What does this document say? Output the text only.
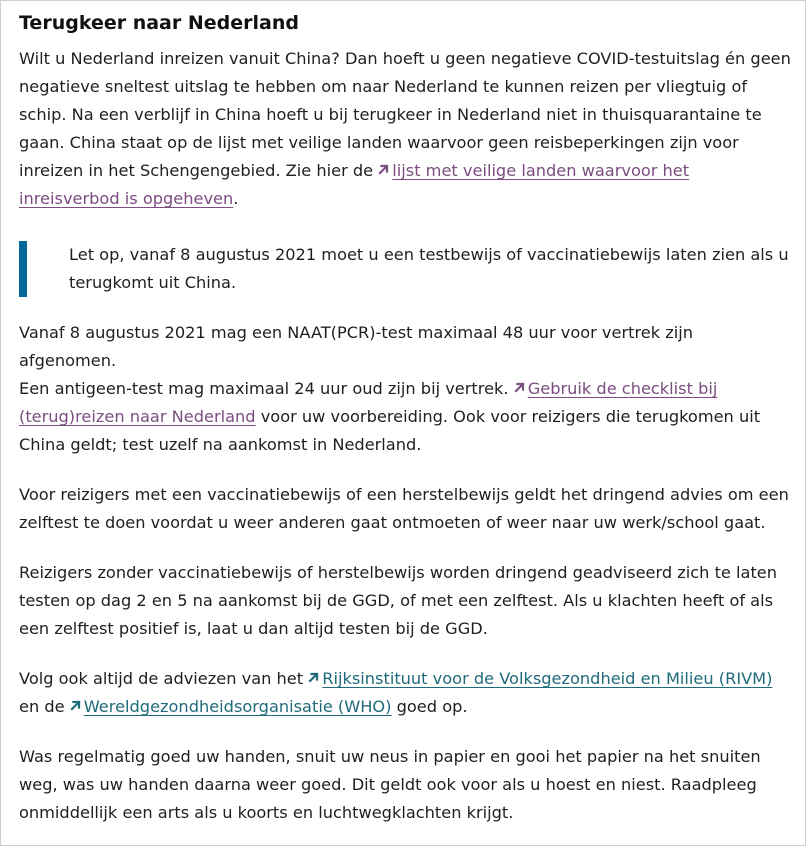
Terugkeer naar Nederland

Wilt u Nederland inreizen vanuit China? Dan hoeft u geen negatieve COVID-testuitslag én geen negatieve sneltest uitslag te hebben om naar Nederland te kunnen reizen per vliegtuig of schip. Na een verblijf in China hoeft u bij terugkeer in Nederland niet in thuisquarantaine te gaan. China staat op de lijst met veilige landen waarvoor geen reisbeperkingen zijn voor inreizen in het Schengengebied. Zie hier de
lijst met veilige landen waarvoor het inreisverbod is opgeheven.

Let op, vanaf 8 augustus 2021 moet u een testbewijs of vaccinatiebewijs laten zien als u terugkomt uit China.

Vanaf 8 augustus 2021 mag een NAAT(PCR)-test maximaal 48 uur voor vertrek zijn afgenomen.
Een antigeen-test mag maximaal 24 uur oud zijn bij vertrek.
Gebruik de checklist bij (terug)reizen naar Nederland voor uw voorbereiding. Ook voor reizigers die terugkomen uit China geldt; test uzelf na aankomst in Nederland.

Voor reizigers met een vaccinatiebewijs of een herstelbewijs geldt het dringend advies om een zelftest te doen voordat u weer anderen gaat ontmoeten of weer naar uw werk/school gaat.

Reizigers zonder vaccinatiebewijs of herstelbewijs worden dringend geadviseerd zich te laten testen op dag 2 en 5 na aankomst bij de GGD, of met een zelftest. Als u klachten heeft of als een zelftest positief is, laat u dan altijd testen bij de GGD.

Volg ook altijd de adviezen van het
Rijksinstituut voor de Volksgezondheid en Milieu (RIVM) en de
Wereldgezondheidsorganisatie (WHO) goed op.

Was regelmatig goed uw handen, snuit uw neus in papier en gooi het papier na het snuiten weg, was uw handen daarna weer goed. Dit geldt ook voor als u hoest en niest. Raadpleeg onmiddellijk een arts als u koorts en luchtwegklachten krijgt.
